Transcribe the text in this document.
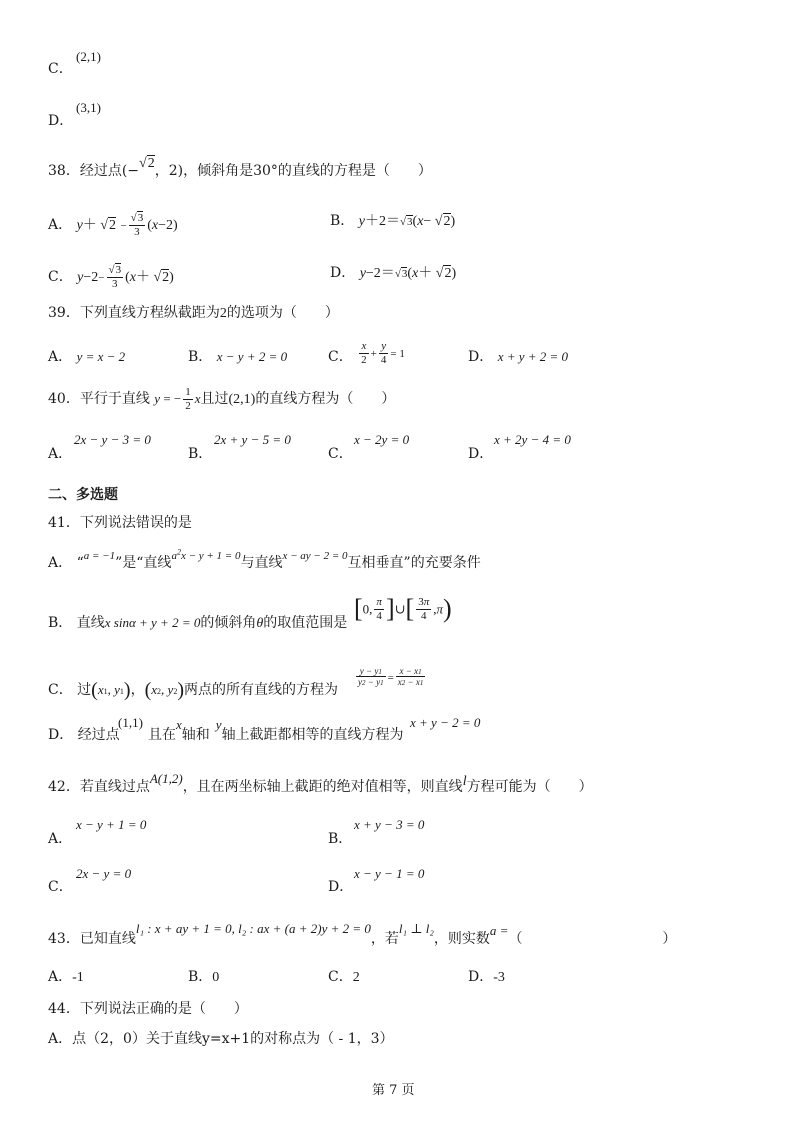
C．
(2,1)
D．
(3,1)
38．经过点(−√2，2)，倾斜角是30°的直线的方程是（　　）
A． $y+ √2 - \frac{√3}{3} (x-2)$	B． y＋2＝√3(x− √2)
C． $y-2- \frac{√3}{3} (x+ √2)$	D． y−2＝√3(x＋ √2)
39．下列直线方程纵截距为2的选项为（　　）
A． y = x − 2	B． x − y + 2 = 0	C． $\frac{x}{2} + \frac{y}{4} = 1$	D． x + y + 2 = 0
40．平行于直线 y = − $\frac{1}{2}$ x且过(2,1)的直线方程为（　　）
A．
2x − y − 3 = 0
B．
2x + y − 5 = 0
C．
x − 2y = 0
D．
x + 2y − 4 = 0
二、多选题
41．下列说法错误的是
A． “$^{a = -1}$”是“直线$^{a^2x - y + 1 = 0}$与直线$^{x - ay - 2 = 0}$互相垂直”的充要条件
B． 直线x sinα + y + 2 = 0的倾斜角θ的取值范围是 [0, $\frac{\pi}{4}$ ]∪[ $\frac{3\pi}{4} ,\pi$)
C． 过(x1, y1)，(x2, y2)两点的所有直线的方程为
$\frac{y - y1}{y2 - y1} = \frac{x - x1}{x2 - x1}$
D． 经过点
(1,1)
且在x轴和y轴上截距都相等的直线方程为
x + y − 2 = 0
42．若直线过点A(1,2)，且在两坐标轴上截距的绝对值相等，则直线l方程可能为（　　）
A．
x − y + 1 = 0
B．
x + y − 3 = 0
C．
2x − y = 0
D．
x − y − 1 = 0
43．已知直线l₁ : x + ay + 1 = 0, l₂ : ax + (a + 2)y + 2 = 0，若l₁ ⊥ l₂，则实数a =（　　　　　　　　　　）
A．-1	B．0	C．2	D．-3
44．下列说法正确的是（　　）
A．点（2，0）关于直线y=x+1的对称点为（ - 1，3）
第 7 页
